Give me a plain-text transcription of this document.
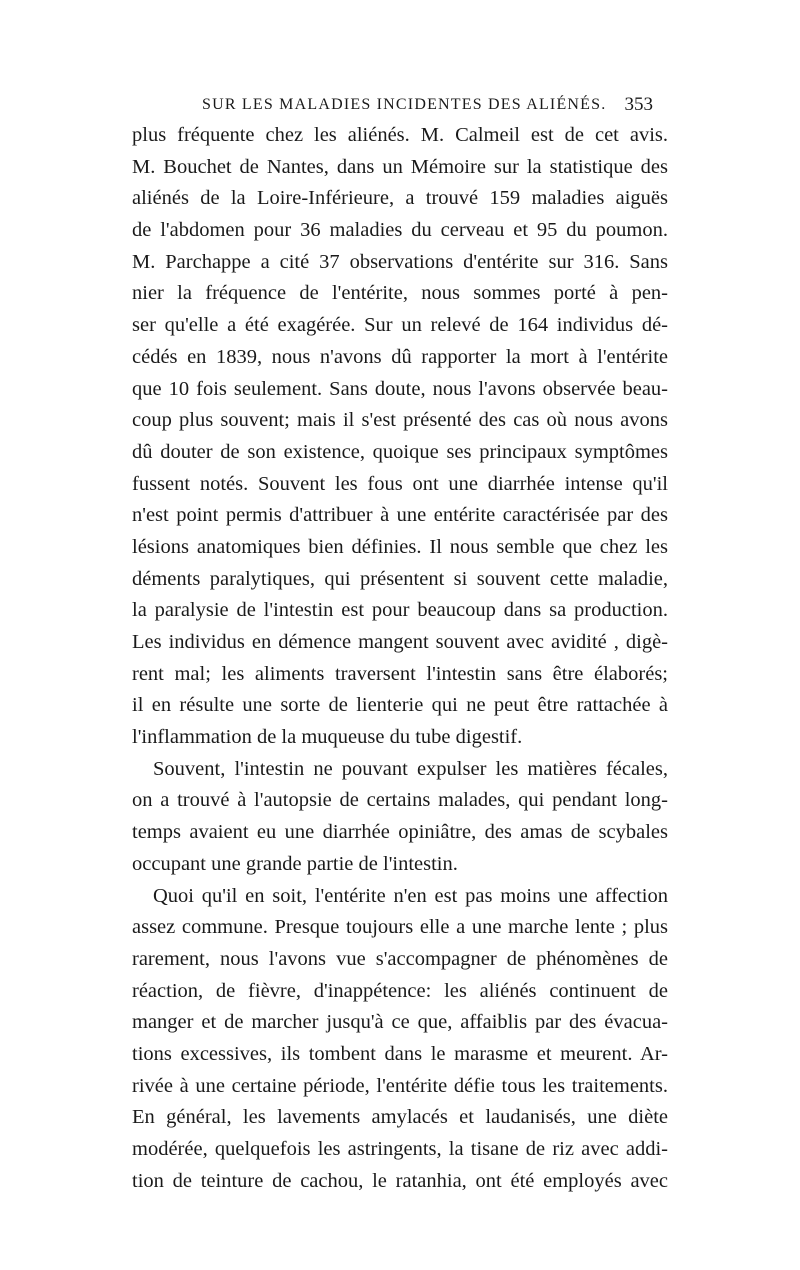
SUR LES MALADIES INCIDENTES DES ALIÉNÉS. 353
plus fréquente chez les aliénés. M. Calmeil est de cet avis.
M. Bouchet de Nantes, dans un Mémoire sur la statistique des
aliénés de la Loire-Inférieure, a trouvé 159 maladies aiguës
de l'abdomen pour 36 maladies du cerveau et 95 du poumon.
M. Parchappe a cité 37 observations d'entérite sur 316. Sans
nier la fréquence de l'entérite, nous sommes porté à pen-
ser qu'elle a été exagérée. Sur un relevé de 164 individus dé-
cédés en 1839, nous n'avons dû rapporter la mort à l'entérite
que 10 fois seulement. Sans doute, nous l'avons observée beau-
coup plus souvent; mais il s'est présenté des cas où nous avons
dû douter de son existence, quoique ses principaux symptômes
fussent notés. Souvent les fous ont une diarrhée intense qu'il
n'est point permis d'attribuer à une entérite caractérisée par des
lésions anatomiques bien définies. Il nous semble que chez les
déments paralytiques, qui présentent si souvent cette maladie,
la paralysie de l'intestin est pour beaucoup dans sa production.
Les individus en démence mangent souvent avec avidité , digè-
rent mal; les aliments traversent l'intestin sans être élaborés;
il en résulte une sorte de lienterie qui ne peut être rattachée à
l'inflammation de la muqueuse du tube digestif.
Souvent, l'intestin ne pouvant expulser les matières fécales,
on a trouvé à l'autopsie de certains malades, qui pendant long-
temps avaient eu une diarrhée opiniâtre, des amas de scybales
occupant une grande partie de l'intestin.
Quoi qu'il en soit, l'entérite n'en est pas moins une affection
assez commune. Presque toujours elle a une marche lente ; plus
rarement, nous l'avons vue s'accompagner de phénomènes de
réaction, de fièvre, d'inappétence: les aliénés continuent de
manger et de marcher jusqu'à ce que, affaiblis par des évacua-
tions excessives, ils tombent dans le marasme et meurent. Ar-
rivée à une certaine période, l'entérite défie tous les traitements.
En général, les lavements amylacés et laudanisés, une diète
modérée, quelquefois les astringents, la tisane de riz avec addi-
tion de teinture de cachou, le ratanhia, ont été employés avec
